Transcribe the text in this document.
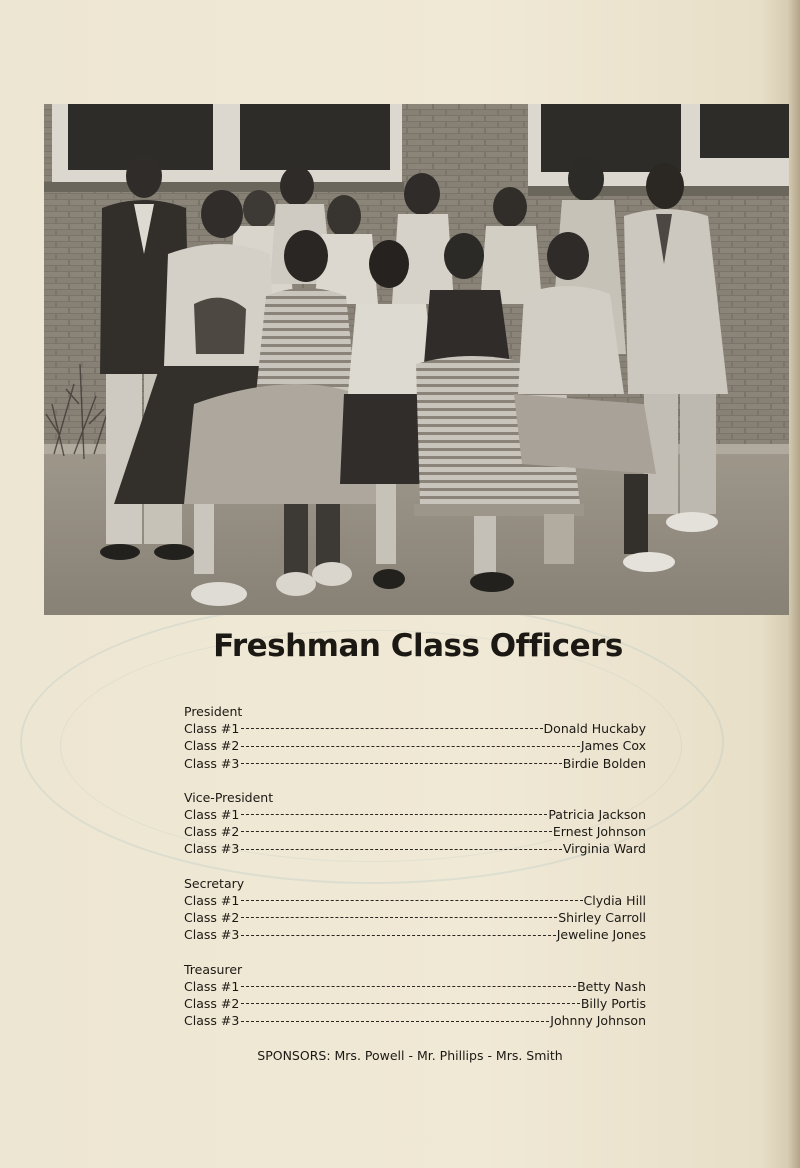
Freshman Class Officers
President
Class #1	Donald Huckaby
Class #2	James Cox
Class #3	Birdie Bolden
Vice-President
Class #1	Patricia Jackson
Class #2	Ernest Johnson
Class #3	Virginia Ward
Secretary
Class #1	Clydia Hill
Class #2	Shirley Carroll
Class #3	Jeweline Jones
Treasurer
Class #1	Betty Nash
Class #2	Billy Portis
Class #3	Johnny Johnson
SPONSORS: Mrs. Powell - Mr. Phillips - Mrs. Smith
